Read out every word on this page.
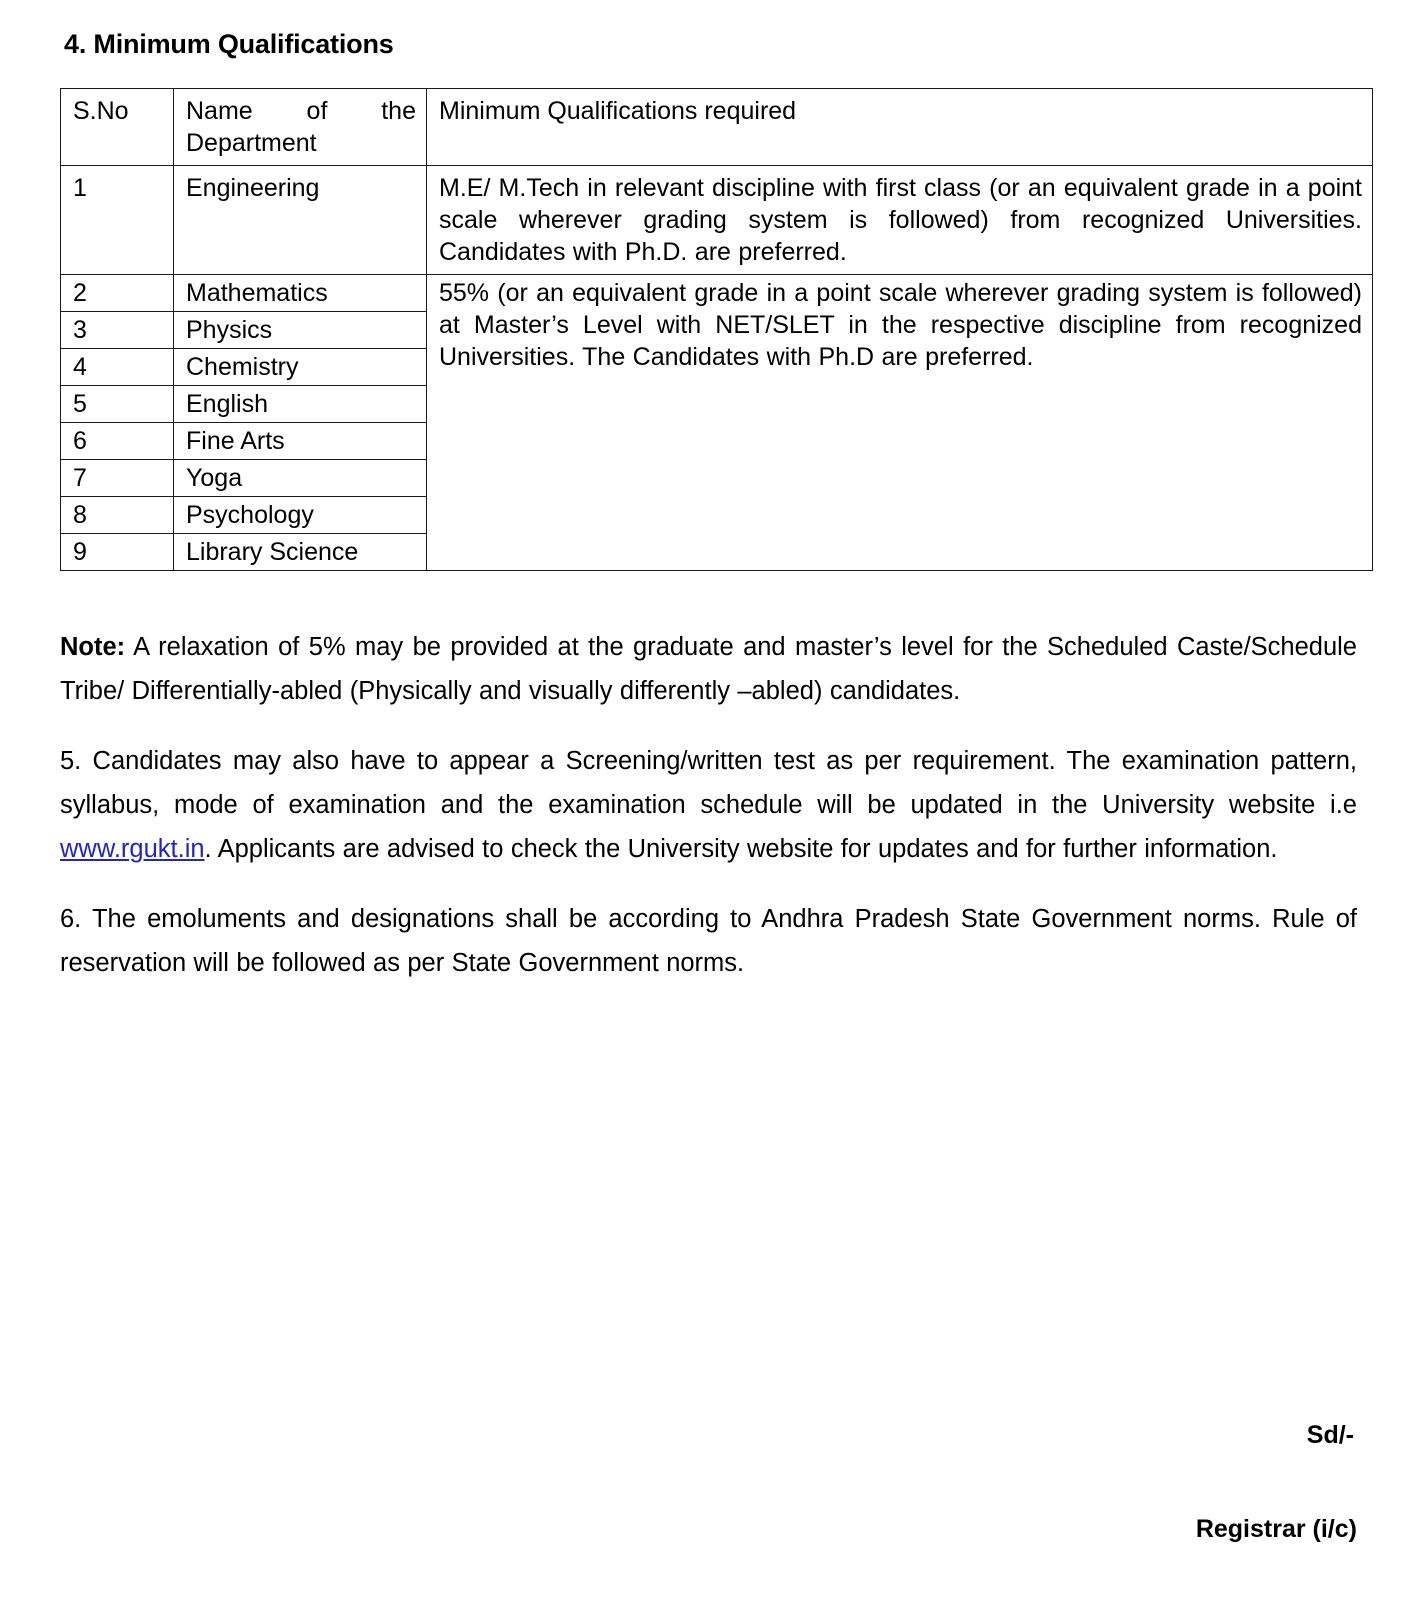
4. Minimum Qualifications
S.No	Name of the Department	Minimum Qualifications required
1	Engineering	M.E/ M.Tech in relevant discipline with first class (or an equivalent grade in a point scale wherever grading system is followed) from recognized Universities. Candidates with Ph.D. are preferred.
2	Mathematics	55% (or an equivalent grade in a point scale wherever grading system is followed) at Master’s Level with NET/SLET in the respective discipline from recognized Universities. The Candidates with Ph.D are preferred.
3	Physics	
4	Chemistry	
5	English	
6	Fine Arts	
7	Yoga	
8	Psychology	
9	Library Science	

Note: A relaxation of 5% may be provided at the graduate and master’s level for the Scheduled Caste/Schedule Tribe/ Differentially-abled (Physically and visually differently –abled) candidates.

5. Candidates may also have to appear a Screening/written test as per requirement. The examination pattern, syllabus, mode of examination and the examination schedule will be updated in the University website i.e www.rgukt.in. Applicants are advised to check the University website for updates and for further information.

6. The emoluments and designations shall be according to Andhra Pradesh State Government norms. Rule of reservation will be followed as per State Government norms.

Sd/-
Registrar (i/c)
